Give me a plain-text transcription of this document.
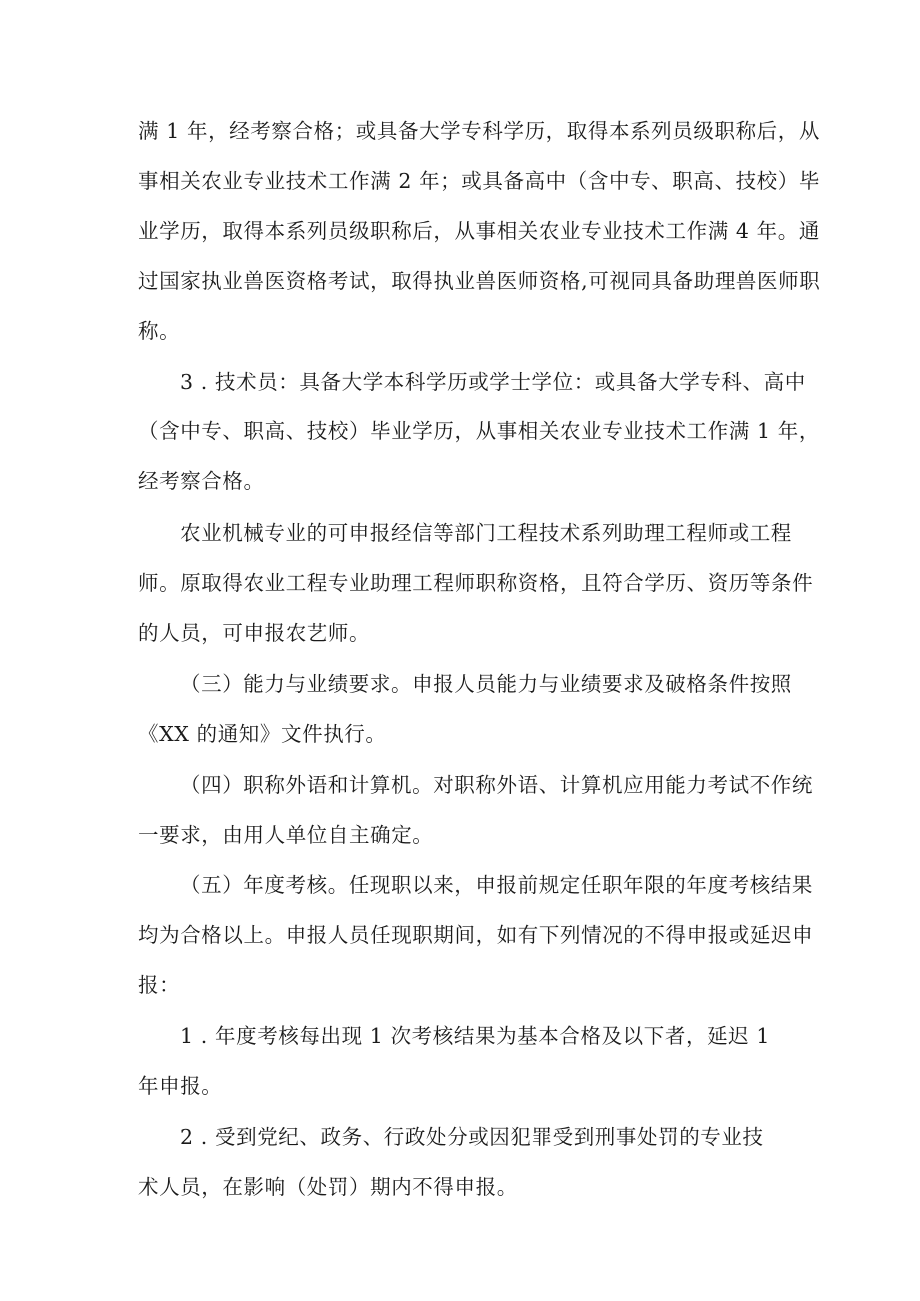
满 1 年，经考察合格；或具备大学专科学历，取得本系列员级职称后，从
事相关农业专业技术工作满 2 年；或具备高中（含中专、职高、技校）毕
业学历，取得本系列员级职称后，从事相关农业专业技术工作满 4 年。通
过国家执业兽医资格考试，取得执业兽医师资格,可视同具备助理兽医师职
称。
3 . 技术员：具备大学本科学历或学士学位：或具备大学专科、高中
（含中专、职高、技校）毕业学历，从事相关农业专业技术工作满 1 年，
经考察合格。
农业机械专业的可申报经信等部门工程技术系列助理工程师或工程
师。原取得农业工程专业助理工程师职称资格，且符合学历、资历等条件
的人员，可申报农艺师。
（三）能力与业绩要求。申报人员能力与业绩要求及破格条件按照
《XX 的通知》文件执行。
（四）职称外语和计算机。对职称外语、计算机应用能力考试不作统
一要求，由用人单位自主确定。
（五）年度考核。任现职以来，申报前规定任职年限的年度考核结果
均为合格以上。申报人员任现职期间，如有下列情况的不得申报或延迟申
报：
1 . 年度考核每出现 1 次考核结果为基本合格及以下者，延迟 1
年申报。
2 . 受到党纪、政务、行政处分或因犯罪受到刑事处罚的专业技
术人员，在影响（处罚）期内不得申报。
